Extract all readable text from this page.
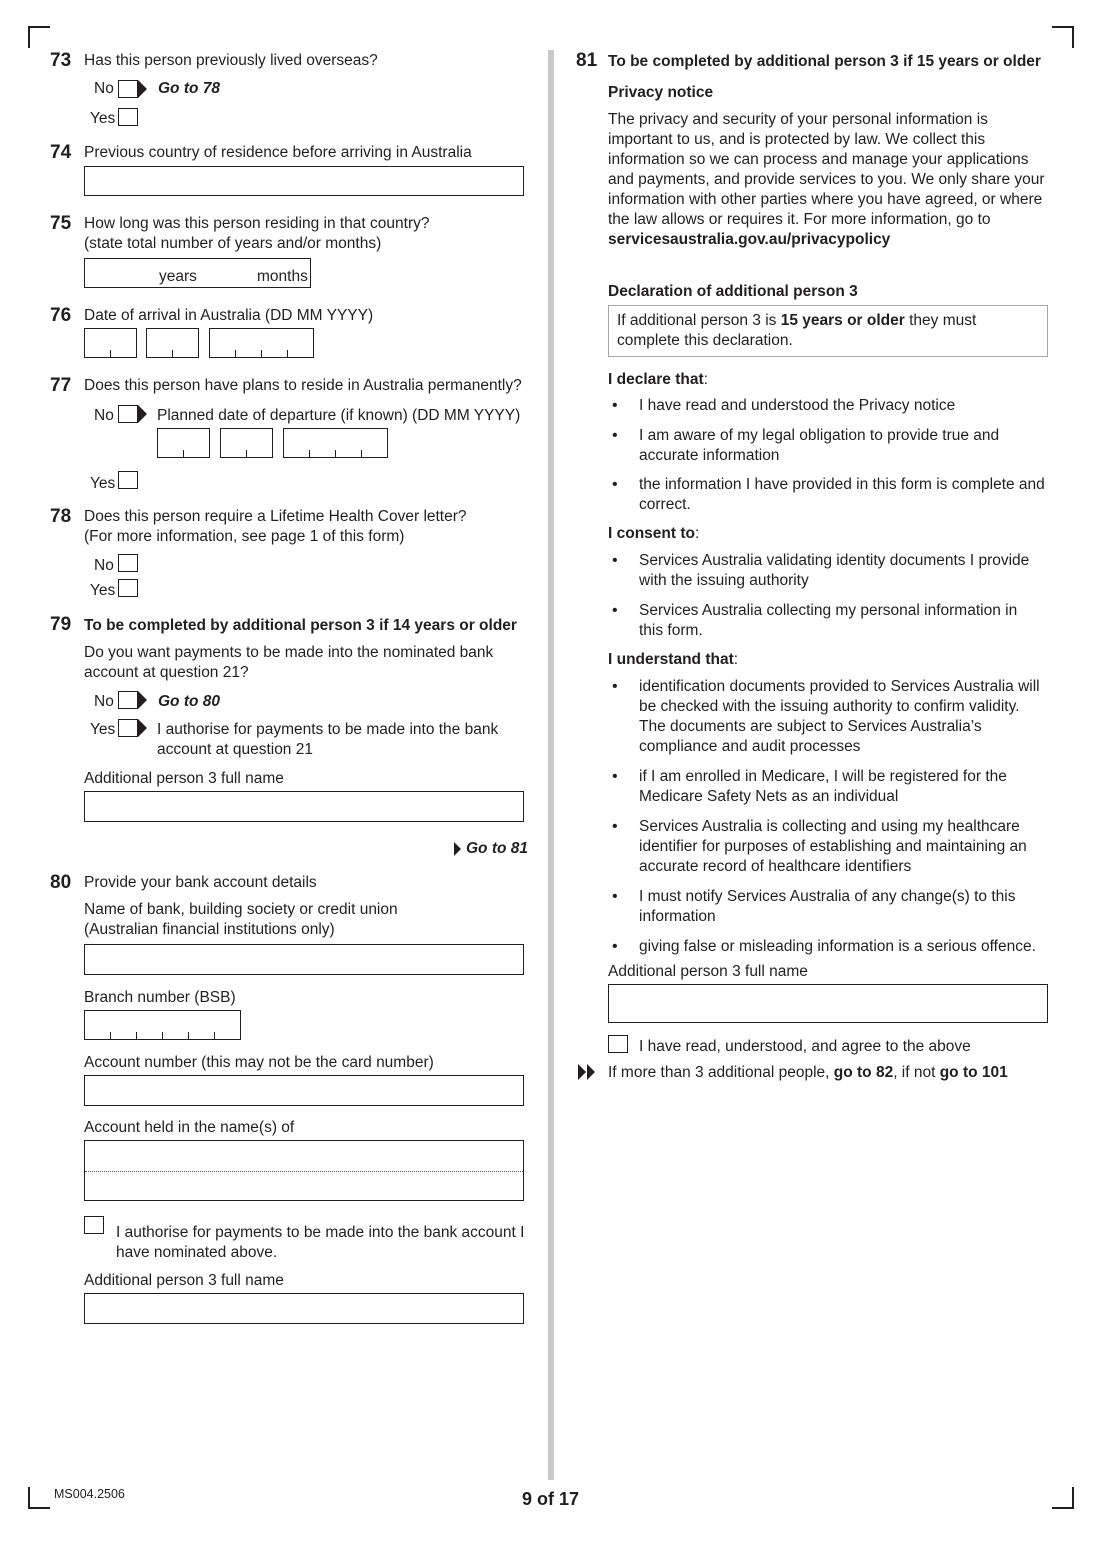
73 Has this person previously lived overseas?
No	Go to 78
Yes
74 Previous country of residence before arriving in Australia
75 How long was this person residing in that country?
(state total number of years and/or months)
years	months
76 Date of arrival in Australia (DD MM YYYY)
77 Does this person have plans to reside in Australia permanently?
No	Planned date of departure (if known) (DD MM YYYY)
Yes
78 Does this person require a Lifetime Health Cover letter?
(For more information, see page 1 of this form)
No
Yes
79 To be completed by additional person 3 if 14 years or older
Do you want payments to be made into the nominated bank
account at question 21?
No	Go to 80
Yes	I authorise for payments to be made into the bank
account at question 21
Additional person 3 full name
Go to 81
80 Provide your bank account details
Name of bank, building society or credit union
(Australian financial institutions only)
Branch number (BSB)
Account number (this may not be the card number)
Account held in the name(s) of
I authorise for payments to be made into the bank account I
have nominated above.
Additional person 3 full name
81 To be completed by additional person 3 if 15 years or older
Privacy notice
The privacy and security of your personal information is
important to us, and is protected by law. We collect this
information so we can process and manage your applications
and payments, and provide services to you. We only share your
information with other parties where you have agreed, or where
the law allows or requires it. For more information, go to
servicesaustralia.gov.au/privacypolicy
Declaration of additional person 3
If additional person 3 is 15 years or older they must
complete this declaration.
I declare that:
• I have read and understood the Privacy notice
• I am aware of my legal obligation to provide true and
accurate information
• the information I have provided in this form is complete and
correct.
I consent to:
• Services Australia validating identity documents I provide
with the issuing authority
• Services Australia collecting my personal information in
this form.
I understand that:
• identification documents provided to Services Australia will
be checked with the issuing authority to confirm validity.
The documents are subject to Services Australia’s
compliance and audit processes
• if I am enrolled in Medicare, I will be registered for the
Medicare Safety Nets as an individual
• Services Australia is collecting and using my healthcare
identifier for purposes of establishing and maintaining an
accurate record of healthcare identifiers
• I must notify Services Australia of any change(s) to this
information
• giving false or misleading information is a serious offence.
Additional person 3 full name
I have read, understood, and agree to the above
If more than 3 additional people, go to 82, if not go to 101
MS004.2506	9 of 17
